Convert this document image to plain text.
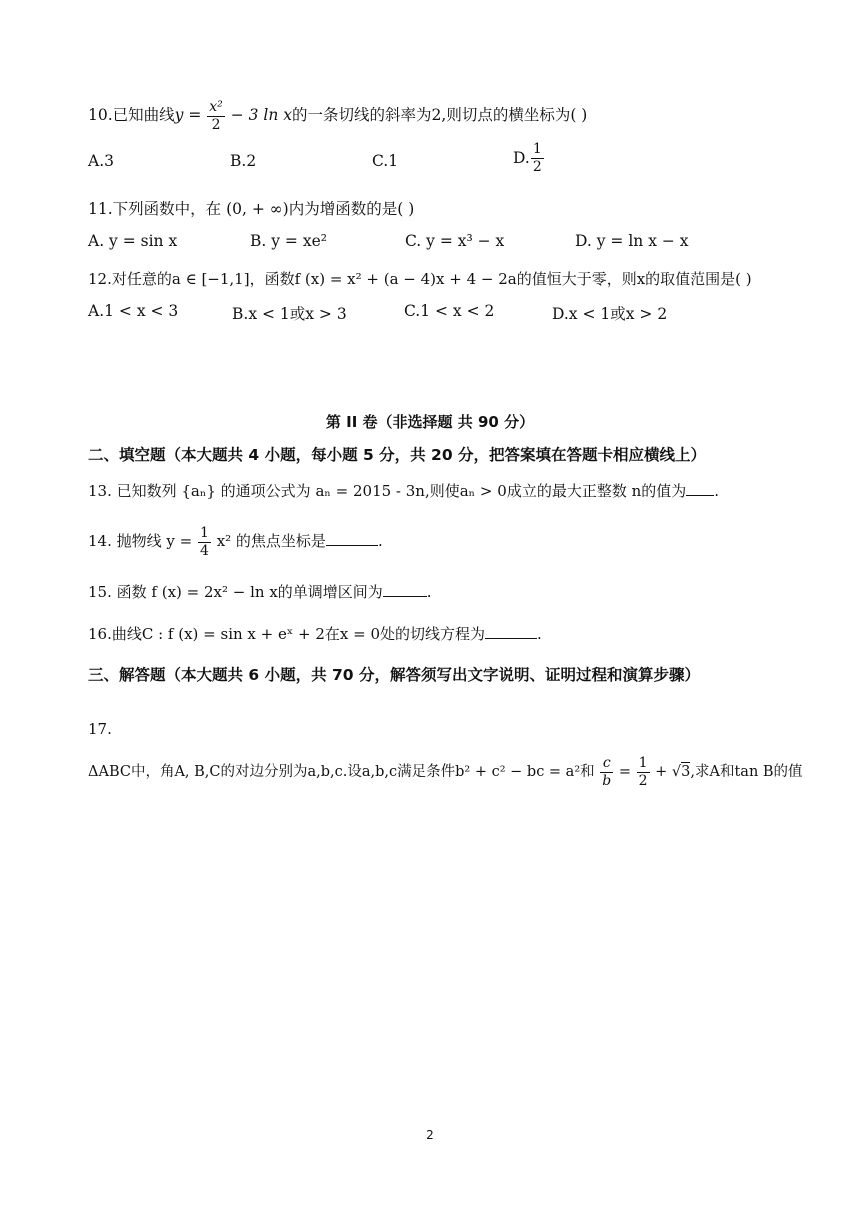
10.已知曲线$y = \frac{\text{x²}}{2} - 3$ ln x的一条切线的斜率为2,则切点的横坐标为( )
A.3	B.2	C.1	D. $\frac{1}{2}$
11.下列函数中，在 (0, + ∞)内为增函数的是( )
A. y = sin x	B. y = xe²	C. y = x³ − x	D. y = ln x − x
12.对任意的a ∈ [−1,1]，函数f (x) = x² + (a − 4)x + 4 − 2a的值恒大于零，则x的取值范围是( )
A.1 < x < 3	B.x < 1或x > 3	C.1 < x < 2	D.x < 1或x > 2
第 II 卷（非选择题 共 90 分）
二、填空题（本大题共 4 小题，每小题 5 分，共 20 分，把答案填在答题卡相应横线上）
13. 已知数列 {aₙ} 的通项公式为 aₙ = 2015 - 3n,则使aₙ > 0成立的最大正整数 n的值为 .
14. 抛物线 $y = \frac{1}{4} x^2$ 的焦点坐标是	.
15. 函数 f (x) = 2x² − ln x的单调增区间为	.
16.曲线C : f (x) = sin x + eˣ + 2在x = 0处的切线方程为	.
三、解答题（本大题共 6 小题，共 70 分，解答须写出文字说明、证明过程和演算步骤）
17.
ΔABC中，角A, B,C的对边分别为a,b,c.设a,b,c满足条件b² + c² − bc = a²和 $\frac{c}{b} = \frac{1}{2} + √3$,求A和tan B的值
2
